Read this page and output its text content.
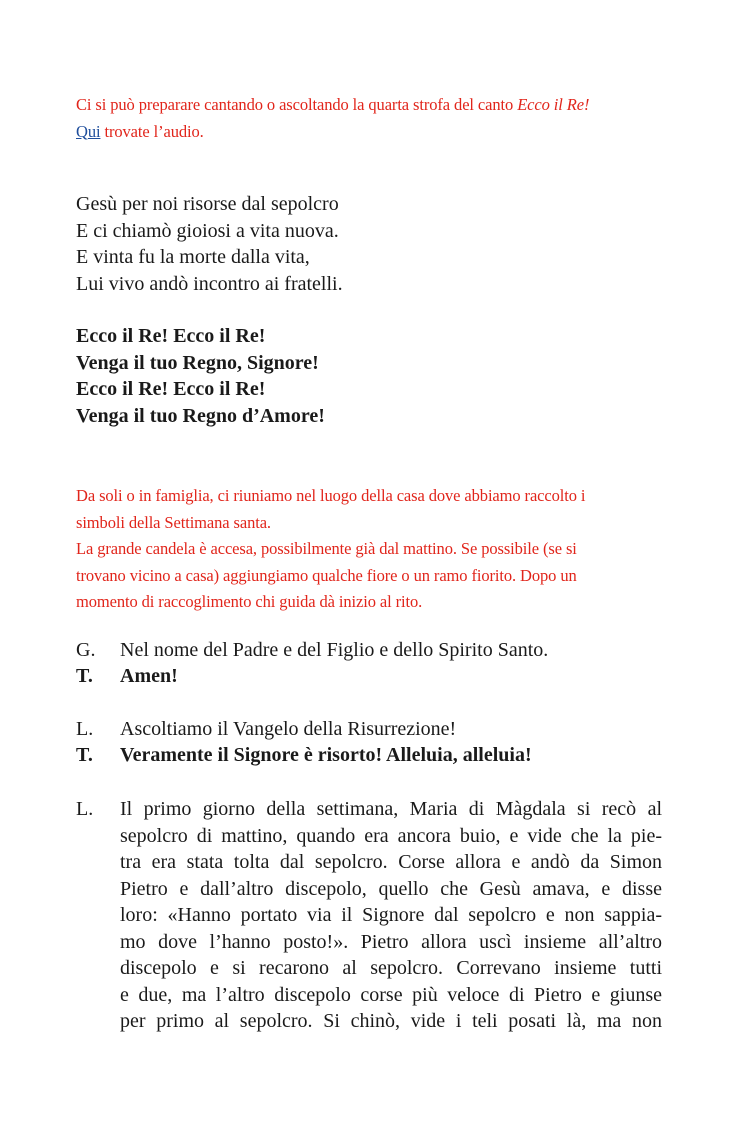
Ci si può preparare cantando o ascoltando la quarta strofa del canto Ecco il Re!
Qui trovate l’audio.
Gesù per noi risorse dal sepolcro
E ci chiamò gioiosi a vita nuova.
E vinta fu la morte dalla vita,
Lui vivo andò incontro ai fratelli.
Ecco il Re! Ecco il Re!
Venga il tuo Regno, Signore!
Ecco il Re! Ecco il Re!
Venga il tuo Regno d’Amore!
Da soli o in famiglia, ci riuniamo nel luogo della casa dove abbiamo raccolto i
simboli della Settimana santa.
La grande candela è accesa, possibilmente già dal mattino. Se possibile (se si
trovano vicino a casa) aggiungiamo qualche fiore o un ramo fiorito. Dopo un
momento di raccoglimento chi guida dà inizio al rito.
G. Nel nome del Padre e del Figlio e dello Spirito Santo.
T. Amen!
L. Ascoltiamo il Vangelo della Risurrezione!
T. Veramente il Signore è risorto! Alleluia, alleluia!
L. Il primo giorno della settimana, Maria di Màgdala si recò al
sepolcro di mattino, quando era ancora buio, e vide che la pie-
tra era stata tolta dal sepolcro. Corse allora e andò da Simon
Pietro e dall’altro discepolo, quello che Gesù amava, e disse
loro: «Hanno portato via il Signore dal sepolcro e non sappia-
mo dove l’hanno posto!». Pietro allora uscì insieme all’altro
discepolo e si recarono al sepolcro. Correvano insieme tutti
e due, ma l’altro discepolo corse più veloce di Pietro e giunse
per primo al sepolcro. Si chinò, vide i teli posati là, ma non
